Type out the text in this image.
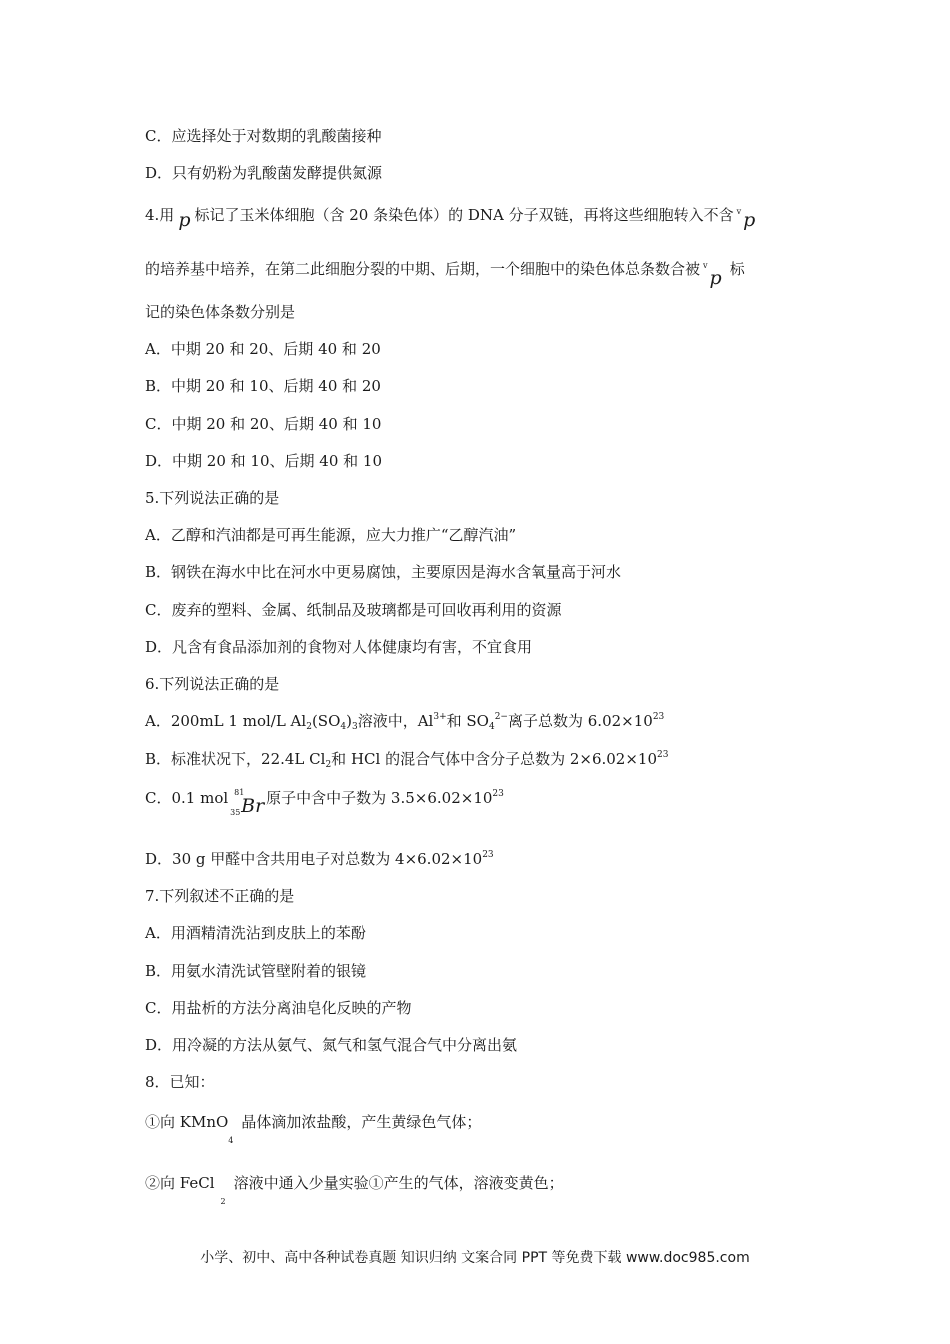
C．应选择处于对数期的乳酸菌接种
D．只有奶粉为乳酸菌发酵提供氮源
4.用 p 标记了玉米体细胞（含 20 条染色体）的 DNA 分子双链，再将这些细胞转入不含 $^v$ p
的培养基中培养，在第二此细胞分裂的中期、后期，一个细胞中的染色体总条数合被 $^v$p 标
记的染色体条数分别是
A．中期 20 和 20、后期 40 和 20
B．中期 20 和 10、后期 40 和 20
C．中期 20 和 20、后期 40 和 10
D．中期 20 和 10、后期 40 和 10
5.下列说法正确的是
A．乙醇和汽油都是可再生能源，应大力推广“乙醇汽油”
B．钢铁在海水中比在河水中更易腐蚀，主要原因是海水含氧量高于河水
C．废弃的塑料、金属、纸制品及玻璃都是可回收再利用的资源
D．凡含有食品添加剂的食物对人体健康均有害，不宜食用
6.下列说法正确的是
A．200mL 1 mol/L $Al_2(SO_4)_3$溶液中，$Al^{3+}$和 $SO_4^{2-}$离子总数为 $6.02\times 10^{23}$
B．标准状况下，22.4L $Cl_2$和 HCl 的混合气体中含分子总数为 $2\times 6.02\times 10^{23}$
C．0.1 mol 81
35 Br 原子中含中子数为 $3.5\times 6.02\times 10^{23}$
D．30 g 甲醛中含共用电子对总数为 $4\times 6.02\times 10^{23}$
7.下列叙述不正确的是
A．用酒精清洗沾到皮肤上的苯酚
B．用氨水清洗试管壁附着的银镜
C．用盐析的方法分离油皂化反映的产物
D．用冷凝的方法从氨气、氮气和氢气混合气中分离出氨
8．已知：
①向 KMnO$_4$晶体滴加浓盐酸，产生黄绿色气体；
②向 FeCl$_2$溶液中通入少量实验①产生的气体，溶液变黄色；
小学、初中、高中各种试卷真题 知识归纳 文案合同 PPT 等免费下载 www.doc985.com
